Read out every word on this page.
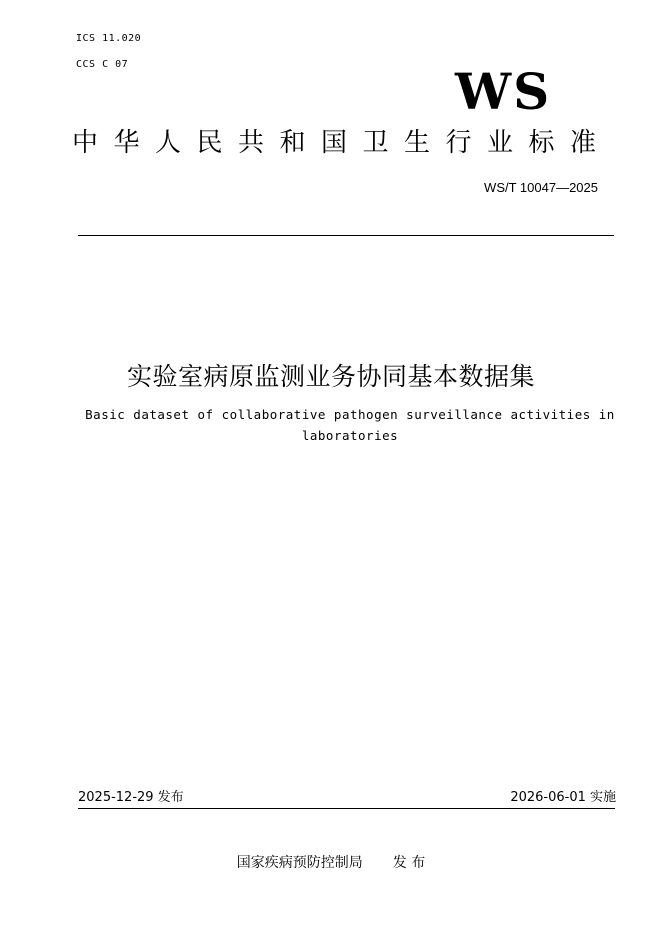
ICS 11.020
CCS C 07	WS
中华人民共和国卫生行业标准
WS/T 10047—2025
实验室病原监测业务协同基本数据集
Basic dataset of collaborative pathogen surveillance activities in laboratories
2025-12-29 发布	2026-06-01 实施
国家疾病预防控制局 发 布
